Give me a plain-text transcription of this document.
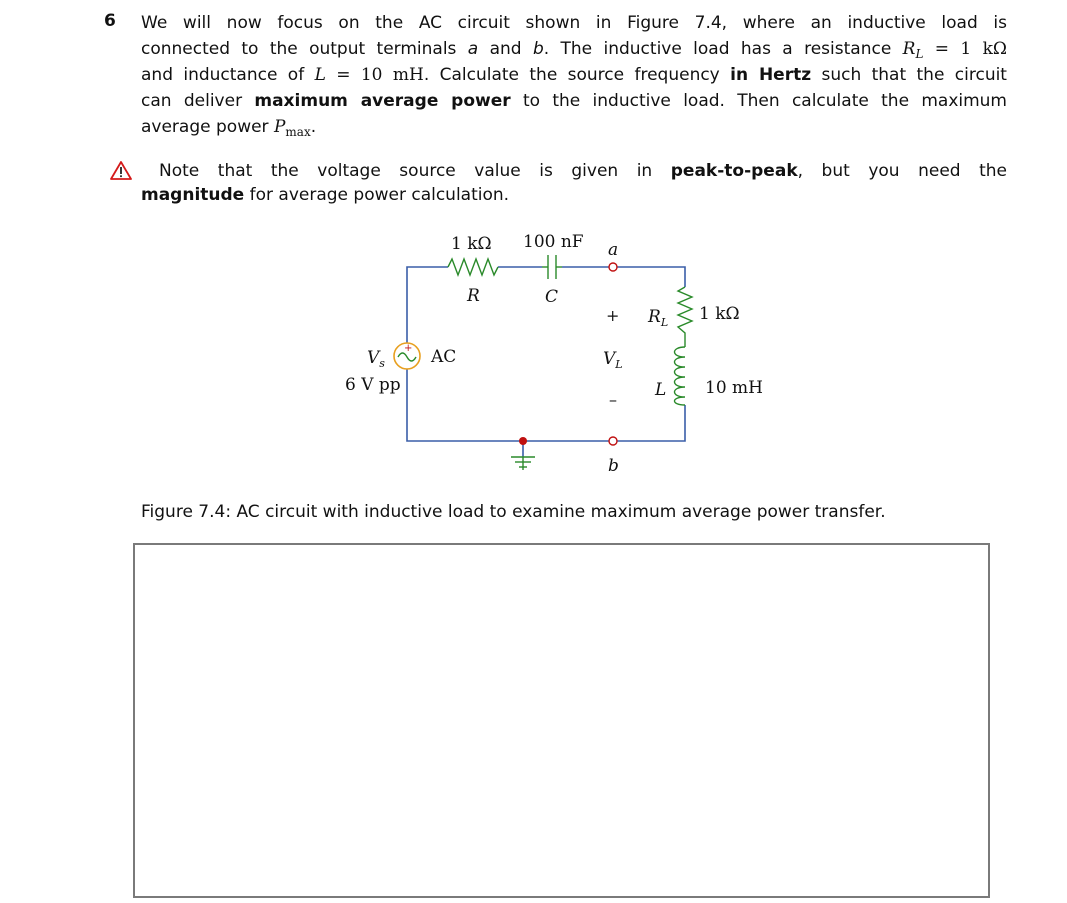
6 We will now focus on the AC circuit shown in Figure 7.4, where an inductive load is
connected to the output terminals a and b. The inductive load has a resistance $R_L = 1$ kΩ
and inductance of L = 10 mH. Calculate the source frequency in Hertz such that the circuit
can deliver maximum average power to the inductive load. Then calculate the maximum
average power $P_{max}$.
Note that the voltage source value is given in peak-to-peak, but you need the
magnitude for average power calculation.
+
1 kΩ
R
100 nF
C
a
b
+
–
$V_L$
$V_s$
6 V pp
AC
$R_L$ 1 kΩ
L 10 mH
Figure 7.4: AC circuit with inductive load to examine maximum average power transfer.
